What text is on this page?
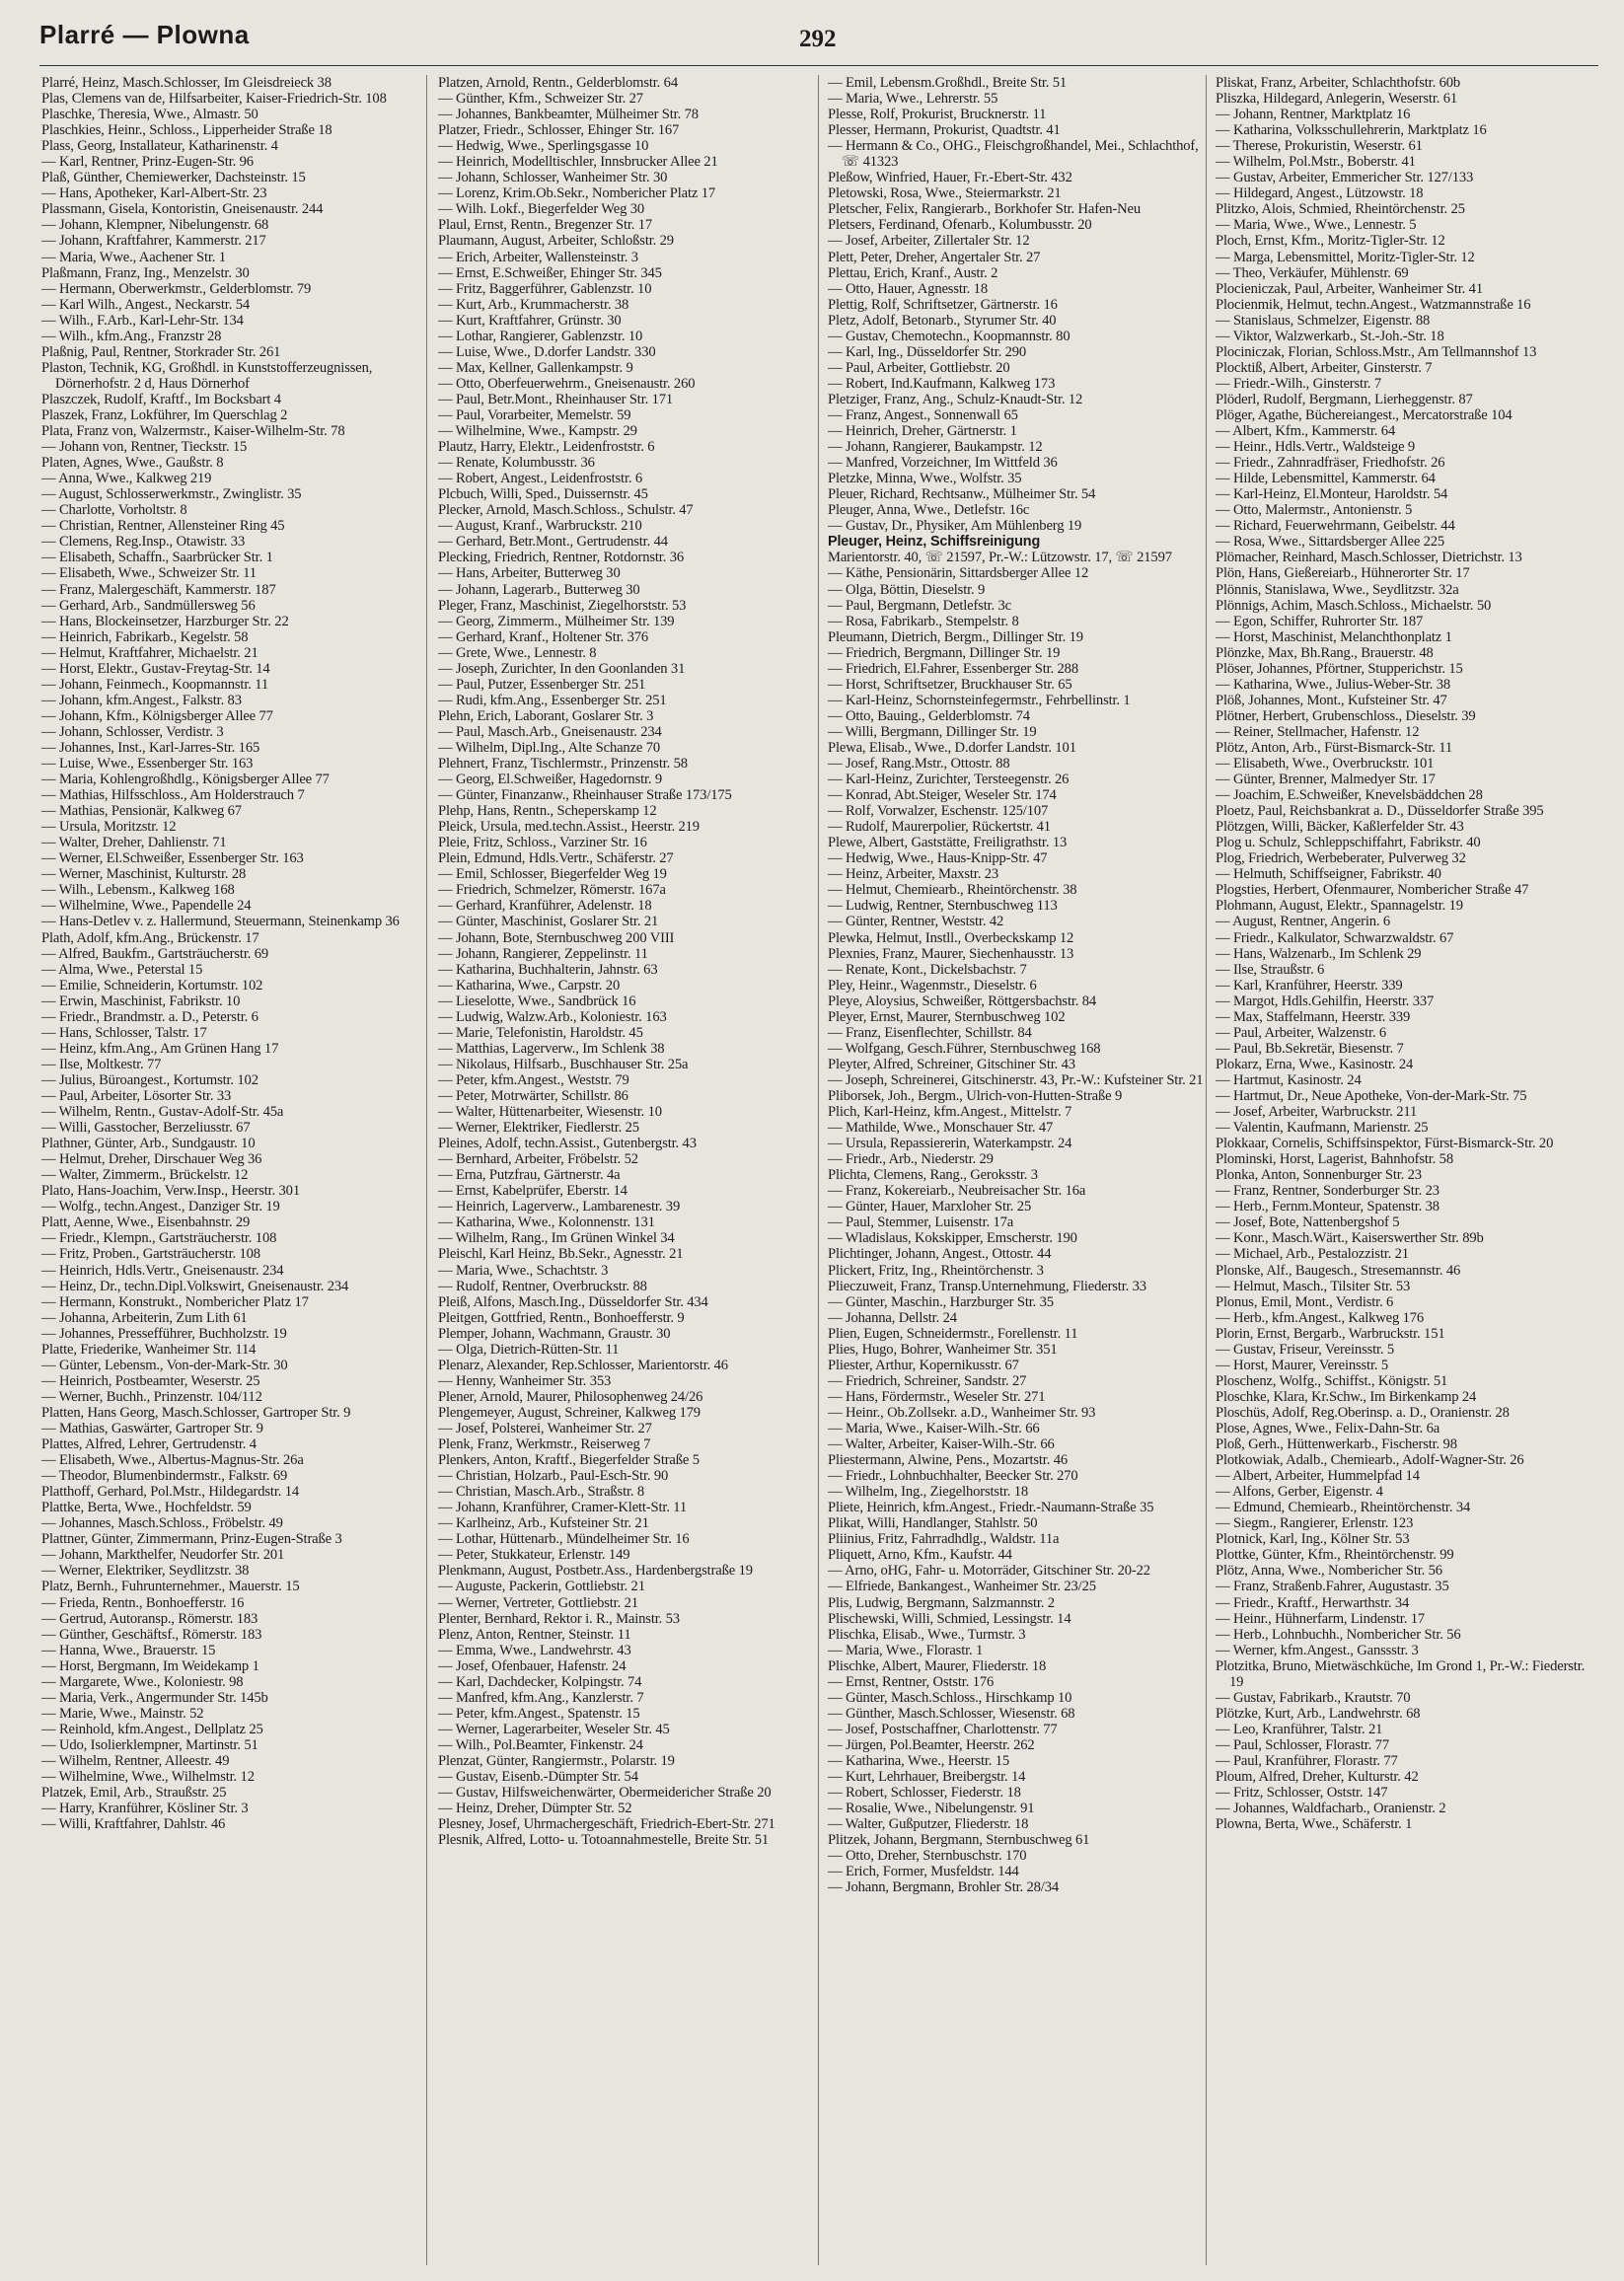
Plarré — Plowna	292
Plarré, Heinz, Masch.Schlosser, Im Gleisdreieck 38
Plas, Clemens van de, Hilfsarbeiter, Kaiser-Friedrich-Str. 108
Plaschke, Theresia, Wwe., Almastr. 50
Plaschkies, Heinr., Schloss., Lipperheider Straße 18
Plass, Georg, Installateur, Katharinenstr. 4
— Karl, Rentner, Prinz-Eugen-Str. 96
Plaß, Günther, Chemiewerker, Dachsteinstr. 15
— Hans, Apotheker, Karl-Albert-Str. 23
Plassmann, Gisela, Kontoristin, Gneisenaustr. 244
— Johann, Klempner, Nibelungenstr. 68
— Johann, Kraftfahrer, Kammerstr. 217
— Maria, Wwe., Aachener Str. 1
Plaßmann, Franz, Ing., Menzelstr. 30
— Hermann, Oberwerkmstr., Gelderblomstr. 79
— Karl Wilh., Angest., Neckarstr. 54
— Wilh., F.Arb., Karl-Lehr-Str. 134
— Wilh., kfm.Ang., Franzstr 28
Plaßnig, Paul, Rentner, Storkrader Str. 261
Plaston, Technik, KG, Großhdl. in Kunststofferzeugnissen, Dörnerhofstr. 2 d, Haus Dörnerhof
Plaszczek, Rudolf, Kraftf., Im Bocksbart 4
Plaszek, Franz, Lokführer, Im Querschlag 2
Plata, Franz von, Walzermstr., Kaiser-Wilhelm-Str. 78
— Johann von, Rentner, Tieckstr. 15
Platen, Agnes, Wwe., Gaußstr. 8
— Anna, Wwe., Kalkweg 219
— August, Schlosserwerkmstr., Zwinglistr. 35
— Charlotte, Vorholtstr. 8
— Christian, Rentner, Allensteiner Ring 45
— Clemens, Reg.Insp., Otawistr. 33
— Elisabeth, Schaffn., Saarbrücker Str. 1
— Elisabeth, Wwe., Schweizer Str. 11
— Franz, Malergeschäft, Kammerstr. 187
— Gerhard, Arb., Sandmüllersweg 56
— Hans, Blockeinsetzer, Harzburger Str. 22
— Heinrich, Fabrikarb., Kegelstr. 58
— Helmut, Kraftfahrer, Michaelstr. 21
— Horst, Elektr., Gustav-Freytag-Str. 14
— Johann, Feinmech., Koopmannstr. 11
— Johann, kfm.Angest., Falkstr. 83
— Johann, Kfm., Kölnigsberger Allee 77
— Johann, Schlosser, Verdistr. 3
— Johannes, Inst., Karl-Jarres-Str. 165
— Luise, Wwe., Essenberger Str. 163
— Maria, Kohlengroßhdlg., Königsberger Allee 77
— Mathias, Hilfsschloss., Am Holderstrauch 7
— Mathias, Pensionär, Kalkweg 67
— Ursula, Moritzstr. 12
— Walter, Dreher, Dahlienstr. 71
— Werner, El.Schweißer, Essenberger Str. 163
— Werner, Maschinist, Kulturstr. 28
— Wilh., Lebensm., Kalkweg 168
— Wilhelmine, Wwe., Papendelle 24
— Hans-Detlev v. z. Hallermund, Steuermann, Steinenkamp 36
Plath, Adolf, kfm.Ang., Brückenstr. 17
— Alfred, Baukfm., Gartsträucherstr. 69
— Alma, Wwe., Peterstal 15
— Emilie, Schneiderin, Kortumstr. 102
— Erwin, Maschinist, Fabrikstr. 10
— Friedr., Brandmstr. a. D., Peterstr. 6
— Hans, Schlosser, Talstr. 17
— Heinz, kfm.Ang., Am Grünen Hang 17
— Ilse, Moltkestr. 77
— Julius, Büroangest., Kortumstr. 102
— Paul, Arbeiter, Lösorter Str. 33
— Wilhelm, Rentn., Gustav-Adolf-Str. 45a
— Willi, Gasstocher, Berzeliusstr. 67
Plathner, Günter, Arb., Sundgaustr. 10
— Helmut, Dreher, Dirschauer Weg 36
— Walter, Zimmerm., Brückelstr. 12
Plato, Hans-Joachim, Verw.Insp., Heerstr. 301
— Wolfg., techn.Angest., Danziger Str. 19
Platt, Aenne, Wwe., Eisenbahnstr. 29
— Friedr., Klempn., Gartsträucherstr. 108
— Fritz, Proben., Gartsträucherstr. 108
— Heinrich, Hdls.Vertr., Gneisenaustr. 234
— Heinz, Dr., techn.Dipl.Volkswirt, Gneisenaustr. 234
— Hermann, Konstrukt., Nombericher Platz 17
— Johanna, Arbeiterin, Zum Lith 61
— Johannes, Pressefführer, Buchholzstr. 19
Platte, Friederike, Wanheimer Str. 114
— Günter, Lebensm., Von-der-Mark-Str. 30
— Heinrich, Postbeamter, Weserstr. 25
— Werner, Buchh., Prinzenstr. 104/112
Platten, Hans Georg, Masch.Schlosser, Gartroper Str. 9
— Mathias, Gaswärter, Gartroper Str. 9
Plattes, Alfred, Lehrer, Gertrudenstr. 4
— Elisabeth, Wwe., Albertus-Magnus-Str. 26a
— Theodor, Blumenbindermstr., Falkstr. 69
Platthoff, Gerhard, Pol.Mstr., Hildegardstr. 14
Plattke, Berta, Wwe., Hochfeldstr. 59
— Johannes, Masch.Schloss., Fröbelstr. 49
Plattner, Günter, Zimmermann, Prinz-Eugen-Straße 3
— Johann, Markthelfer, Neudorfer Str. 201
— Werner, Elektriker, Seydlitzstr. 38
Platz, Bernh., Fuhrunternehmer., Mauerstr. 15
— Frieda, Rentn., Bonhoefferstr. 16
— Gertrud, Autoransp., Römerstr. 183
— Günther, Geschäftsf., Römerstr. 183
— Hanna, Wwe., Brauerstr. 15
— Horst, Bergmann, Im Weidekamp 1
— Margarete, Wwe., Koloniestr. 98
— Maria, Verk., Angermunder Str. 145b
— Marie, Wwe., Mainstr. 52
— Reinhold, kfm.Angest., Dellplatz 25
— Udo, Isolierklempner, Martinstr. 51
— Wilhelm, Rentner, Alleestr. 49
— Wilhelmine, Wwe., Wilhelmstr. 12
Platzek, Emil, Arb., Straußstr. 25
— Harry, Kranführer, Kösliner Str. 3
— Willi, Kraftfahrer, Dahlstr. 46
Platzen, Arnold, Rentn., Gelderblomstr. 64
— Günther, Kfm., Schweizer Str. 27
— Johannes, Bankbeamter, Mülheimer Str. 78
Platzer, Friedr., Schlosser, Ehinger Str. 167
— Hedwig, Wwe., Sperlingsgasse 10
— Heinrich, Modelltischler, Innsbrucker Allee 21
— Johann, Schlosser, Wanheimer Str. 30
— Lorenz, Krim.Ob.Sekr., Nombericher Platz 17
— Wilh. Lokf., Biegerfelder Weg 30
Plaul, Ernst, Rentn., Bregenzer Str. 17
Plaumann, August, Arbeiter, Schloßstr. 29
— Erich, Arbeiter, Wallensteinstr. 3
— Ernst, E.Schweißer, Ehinger Str. 345
— Fritz, Baggerführer, Gablenzstr. 10
— Kurt, Arb., Krummacherstr. 38
— Kurt, Kraftfahrer, Grünstr. 30
— Lothar, Rangierer, Gablenzstr. 10
— Luise, Wwe., D.dorfer Landstr. 330
— Max, Kellner, Gallenkampstr. 9
— Otto, Oberfeuerwehrm., Gneisenaustr. 260
— Paul, Betr.Mont., Rheinhauser Str. 171
— Paul, Vorarbeiter, Memelstr. 59
— Wilhelmine, Wwe., Kampstr. 29
Plautz, Harry, Elektr., Leidenfroststr. 6
— Renate, Kolumbusstr. 36
— Robert, Angest., Leidenfroststr. 6
Plcbuch, Willi, Sped., Duissernstr. 45
Plecker, Arnold, Masch.Schloss., Schulstr. 47
— August, Kranf., Warbruckstr. 210
— Gerhard, Betr.Mont., Gertrudenstr. 44
Plecking, Friedrich, Rentner, Rotdornstr. 36
— Hans, Arbeiter, Butterweg 30
— Johann, Lagerarb., Butterweg 30
Pleger, Franz, Maschinist, Ziegelhorststr. 53
— Georg, Zimmerm., Mülheimer Str. 139
— Gerhard, Kranf., Holtener Str. 376
— Grete, Wwe., Lennestr. 8
— Joseph, Zurichter, In den Goonlanden 31
— Paul, Putzer, Essenberger Str. 251
— Rudi, kfm.Ang., Essenberger Str. 251
Plehn, Erich, Laborant, Goslarer Str. 3
— Paul, Masch.Arb., Gneisenaustr. 234
— Wilhelm, Dipl.Ing., Alte Schanze 70
Plehnert, Franz, Tischlermstr., Prinzenstr. 58
— Georg, El.Schweißer, Hagedornstr. 9
— Günter, Finanzanw., Rheinhauser Straße 173/175
Plehp, Hans, Rentn., Scheperskamp 12
Pleick, Ursula, med.techn.Assist., Heerstr. 219
Pleie, Fritz, Schloss., Varziner Str. 16
Plein, Edmund, Hdls.Vertr., Schäferstr. 27
— Emil, Schlosser, Biegerfelder Weg 19
— Friedrich, Schmelzer, Römerstr. 167a
— Gerhard, Kranführer, Adelenstr. 18
— Günter, Maschinist, Goslarer Str. 21
— Johann, Bote, Sternbuschweg 200 VIII
— Johann, Rangierer, Zeppelinstr. 11
— Katharina, Buchhalterin, Jahnstr. 63
— Katharina, Wwe., Carpstr. 20
— Lieselotte, Wwe., Sandbrück 16
— Ludwig, Walzw.Arb., Koloniestr. 163
— Marie, Telefonistin, Haroldstr. 45
— Matthias, Lagerverw., Im Schlenk 38
— Nikolaus, Hilfsarb., Buschhauser Str. 25a
— Peter, kfm.Angest., Weststr. 79
— Peter, Motrwärter, Schillstr. 86
— Walter, Hüttenarbeiter, Wiesenstr. 10
— Werner, Elektriker, Fiedlerstr. 25
Pleines, Adolf, techn.Assist., Gutenbergstr. 43
— Bernhard, Arbeiter, Fröbelstr. 52
— Erna, Putzfrau, Gärtnerstr. 4a
— Ernst, Kabelprüfer, Eberstr. 14
— Heinrich, Lagerverw., Lambarenestr. 39
— Katharina, Wwe., Kolonnenstr. 131
— Wilhelm, Rang., Im Grünen Winkel 34
Pleischl, Karl Heinz, Bb.Sekr., Agnesstr. 21
— Maria, Wwe., Schachtstr. 3
— Rudolf, Rentner, Overbruckstr. 88
Pleiß, Alfons, Masch.Ing., Düsseldorfer Str. 434
Pleitgen, Gottfried, Rentn., Bonhoefferstr. 9
Plemper, Johann, Wachmann, Graustr. 30
— Olga, Dietrich-Rütten-Str. 11
Plenarz, Alexander, Rep.Schlosser, Marientorstr. 46
— Henny, Wanheimer Str. 353
Plener, Arnold, Maurer, Philosophenweg 24/26
Plengemeyer, August, Schreiner, Kalkweg 179
— Josef, Polsterei, Wanheimer Str. 27
Plenk, Franz, Werkmstr., Reiserweg 7
Plenkers, Anton, Kraftf., Biegerfelder Straße 5
— Christian, Holzarb., Paul-Esch-Str. 90
— Christian, Masch.Arb., Straßstr. 8
— Johann, Kranführer, Cramer-Klett-Str. 11
— Karlheinz, Arb., Kufsteiner Str. 21
— Lothar, Hüttenarb., Mündelheimer Str. 16
— Peter, Stukkateur, Erlenstr. 149
Plenkmann, August, Postbetr.Ass., Hardenbergstraße 19
— Auguste, Packerin, Gottliebstr. 21
— Werner, Vertreter, Gottliebstr. 21
Plenter, Bernhard, Rektor i. R., Mainstr. 53
Plenz, Anton, Rentner, Steinstr. 11
— Emma, Wwe., Landwehrstr. 43
— Josef, Ofenbauer, Hafenstr. 24
— Karl, Dachdecker, Kolpingstr. 74
— Manfred, kfm.Ang., Kanzlerstr. 7
— Peter, kfm.Angest., Spatenstr. 15
— Werner, Lagerarbeiter, Weseler Str. 45
— Wilh., Pol.Beamter, Finkenstr. 24
Plenzat, Günter, Rangiermstr., Polarstr. 19
— Gustav, Eisenb.-Dümpter Str. 54
— Gustav, Hilfsweichenwärter, Obermeidericher Straße 20
— Heinz, Dreher, Dümpter Str. 52
Plesney, Josef, Uhrmachergeschäft, Friedrich-Ebert-Str. 271
Plesnik, Alfred, Lotto- u. Totoannahmestelle, Breite Str. 51
— Emil, Lebensm.Großhdl., Breite Str. 51
— Maria, Wwe., Lehrerstr. 55
Plesse, Rolf, Prokurist, Brucknerstr. 11
Plesser, Hermann, Prokurist, Quadtstr. 41
— Hermann & Co., OHG., Fleischgroßhandel, Mei., Schlachthof, ☏ 41323
Pleßow, Winfried, Hauer, Fr.-Ebert-Str. 432
Pletowski, Rosa, Wwe., Steiermarkstr. 21
Pletscher, Felix, Rangierarb., Borkhofer Str. Hafen-Neu
Pletsers, Ferdinand, Ofenarb., Kolumbusstr. 20
— Josef, Arbeiter, Zillertaler Str. 12
Plett, Peter, Dreher, Angertaler Str. 27
Plettau, Erich, Kranf., Austr. 2
— Otto, Hauer, Agnesstr. 18
Plettig, Rolf, Schriftsetzer, Gärtnerstr. 16
Pletz, Adolf, Betonarb., Styrumer Str. 40
— Gustav, Chemotechn., Koopmannstr. 80
— Karl, Ing., Düsseldorfer Str. 290
— Paul, Arbeiter, Gottliebstr. 20
— Robert, Ind.Kaufmann, Kalkweg 173
Pletziger, Franz, Ang., Schulz-Knaudt-Str. 12
— Franz, Angest., Sonnenwall 65
— Heinrich, Dreher, Gärtnerstr. 1
— Johann, Rangierer, Baukampstr. 12
— Manfred, Vorzeichner, Im Wittfeld 36
Pletzke, Minna, Wwe., Wolfstr. 35
Pleuer, Richard, Rechtsanw., Mülheimer Str. 54
Pleuger, Anna, Wwe., Detlefstr. 16c
— Gustav, Dr., Physiker, Am Mühlenberg 19
Pleuger, Heinz, Schiffsreinigung
Marientorstr. 40, ☏ 21597, Pr.-W.: Lützowstr. 17, ☏ 21597
— Käthe, Pensionärin, Sittardsberger Allee 12
— Olga, Böttin, Dieselstr. 9
— Paul, Bergmann, Detlefstr. 3c
— Rosa, Fabrikarb., Stempelstr. 8
Pleumann, Dietrich, Bergm., Dillinger Str. 19
— Friedrich, Bergmann, Dillinger Str. 19
— Friedrich, El.Fahrer, Essenberger Str. 288
— Horst, Schriftsetzer, Bruckhauser Str. 65
— Karl-Heinz, Schornsteinfegermstr., Fehrbellinstr. 1
— Otto, Bauing., Gelderblomstr. 74
— Willi, Bergmann, Dillinger Str. 19
Plewa, Elisab., Wwe., D.dorfer Landstr. 101
— Josef, Rang.Mstr., Ottostr. 88
— Karl-Heinz, Zurichter, Tersteegenstr. 26
— Konrad, Abt.Steiger, Weseler Str. 174
— Rolf, Vorwalzer, Eschenstr. 125/107
— Rudolf, Maurerpolier, Rückertstr. 41
Plewe, Albert, Gaststätte, Freiligrathstr. 13
— Hedwig, Wwe., Haus-Knipp-Str. 47
— Heinz, Arbeiter, Maxstr. 23
— Helmut, Chemiearb., Rheintörchenstr. 38
— Ludwig, Rentner, Sternbuschweg 113
— Günter, Rentner, Weststr. 42
Plewka, Helmut, Instll., Overbeckskamp 12
Plexnies, Franz, Maurer, Siechenhausstr. 13
— Renate, Kont., Dickelsbachstr. 7
Pley, Heinr., Wagenmstr., Dieselstr. 6
Pleye, Aloysius, Schweißer, Röttgersbachstr. 84
Pleyer, Ernst, Maurer, Sternbuschweg 102
— Franz, Eisenflechter, Schillstr. 84
— Wolfgang, Gesch.Führer, Sternbuschweg 168
Pleyter, Alfred, Schreiner, Gitschiner Str. 43
— Joseph, Schreinerei, Gitschinerstr. 43, Pr.-W.: Kufsteiner Str. 21
Pliborsek, Joh., Bergm., Ulrich-von-Hutten-Straße 9
Plich, Karl-Heinz, kfm.Angest., Mittelstr. 7
— Mathilde, Wwe., Monschauer Str. 47
— Ursula, Repassiererin, Waterkampstr. 24
— Friedr., Arb., Niederstr. 29
Plichta, Clemens, Rang., Geroksstr. 3
— Franz, Kokereiarb., Neubreisacher Str. 16a
— Günter, Hauer, Marxloher Str. 25
— Paul, Stemmer, Luisenstr. 17a
— Wladislaus, Kokskipper, Emscherstr. 190
Plichtinger, Johann, Angest., Ottostr. 44
Plickert, Fritz, Ing., Rheintörchenstr. 3
Plieczuweit, Franz, Transp.Unternehmung, Fliederstr. 33
— Günter, Maschin., Harzburger Str. 35
— Johanna, Dellstr. 24
Plien, Eugen, Schneidermstr., Forellenstr. 11
Plies, Hugo, Bohrer, Wanheimer Str. 351
Pliester, Arthur, Kopernikusstr. 67
— Friedrich, Schreiner, Sandstr. 27
— Hans, Fördermstr., Weseler Str. 271
— Heinr., Ob.Zollsekr. a.D., Wanheimer Str. 93
— Maria, Wwe., Kaiser-Wilh.-Str. 66
— Walter, Arbeiter, Kaiser-Wilh.-Str. 66
Pliestermann, Alwine, Pens., Mozartstr. 46
— Friedr., Lohnbuchhalter, Beecker Str. 270
— Wilhelm, Ing., Ziegelhorststr. 18
Pliete, Heinrich, kfm.Angest., Friedr.-Naumann-Straße 35
Plikat, Willi, Handlanger, Stahlstr. 50
Pliinius, Fritz, Fahrradhdlg., Waldstr. 11a
Pliquett, Arno, Kfm., Kaufstr. 44
— Arno, oHG, Fahr- u. Motorräder, Gitschiner Str. 20-22
— Elfriede, Bankangest., Wanheimer Str. 23/25
Plis, Ludwig, Bergmann, Salzmannstr. 2
Plischewski, Willi, Schmied, Lessingstr. 14
Plischka, Elisab., Wwe., Turmstr. 3
— Maria, Wwe., Florastr. 1
Plischke, Albert, Maurer, Fliederstr. 18
— Ernst, Rentner, Oststr. 176
— Günter, Masch.Schloss., Hirschkamp 10
— Günther, Masch.Schlosser, Wiesenstr. 68
— Josef, Postschaffner, Charlottenstr. 77
— Jürgen, Pol.Beamter, Heerstr. 262
— Katharina, Wwe., Heerstr. 15
— Kurt, Lehrhauer, Breibergstr. 14
— Robert, Schlosser, Fiederstr. 18
— Rosalie, Wwe., Nibelungenstr. 91
— Walter, Gußputzer, Fliederstr. 18
Plitzek, Johann, Bergmann, Sternbuschweg 61
— Otto, Dreher, Sternbuschstr. 170
— Erich, Former, Musfeldstr. 144
— Johann, Bergmann, Brohler Str. 28/34
Pliskat, Franz, Arbeiter, Schlachthofstr. 60b
Pliszka, Hildegard, Anlegerin, Weserstr. 61
— Johann, Rentner, Marktplatz 16
— Katharina, Volksschullehrerin, Marktplatz 16
— Therese, Prokuristin, Weserstr. 61
— Wilhelm, Pol.Mstr., Boberstr. 41
— Gustav, Arbeiter, Emmericher Str. 127/133
— Hildegard, Angest., Lützowstr. 18
Plitzko, Alois, Schmied, Rheintörchenstr. 25
— Maria, Wwe., Wwe., Lennestr. 5
Ploch, Ernst, Kfm., Moritz-Tigler-Str. 12
— Marga, Lebensmittel, Moritz-Tigler-Str. 12
— Theo, Verkäufer, Mühlenstr. 69
Plocieniczak, Paul, Arbeiter, Wanheimer Str. 41
Plocienmik, Helmut, techn.Angest., Watzmannstraße 16
— Stanislaus, Schmelzer, Eigenstr. 88
— Viktor, Walzwerkarb., St.-Joh.-Str. 18
Plociniczak, Florian, Schloss.Mstr., Am Tellmannshof 13
Plocktiß, Albert, Arbeiter, Ginsterstr. 7
— Friedr.-Wilh., Ginsterstr. 7
Plöderl, Rudolf, Bergmann, Lierheggenstr. 87
Plöger, Agathe, Büchereiangest., Mercatorstraße 104
— Albert, Kfm., Kammerstr. 64
— Heinr., Hdls.Vertr., Waldsteige 9
— Friedr., Zahnradfräser, Friedhofstr. 26
— Hilde, Lebensmittel, Kammerstr. 64
— Karl-Heinz, El.Monteur, Haroldstr. 54
— Otto, Malermstr., Antonienstr. 5
— Richard, Feuerwehrmann, Geibelstr. 44
— Rosa, Wwe., Sittardsberger Allee 225
Plömacher, Reinhard, Masch.Schlosser, Dietrichstr. 13
Plön, Hans, Gießereiarb., Hühnerorter Str. 17
Plönnis, Stanislawa, Wwe., Seydlitzstr. 32a
Plönnigs, Achim, Masch.Schloss., Michaelstr. 50
— Egon, Schiffer, Ruhrorter Str. 187
— Horst, Maschinist, Melanchthonplatz 1
Plönzke, Max, Bh.Rang., Brauerstr. 48
Plöser, Johannes, Pförtner, Stupperichstr. 15
— Katharina, Wwe., Julius-Weber-Str. 38
Plöß, Johannes, Mont., Kufsteiner Str. 47
Plötner, Herbert, Grubenschloss., Dieselstr. 39
— Reiner, Stellmacher, Hafenstr. 12
Plötz, Anton, Arb., Fürst-Bismarck-Str. 11
— Elisabeth, Wwe., Overbruckstr. 101
— Günter, Brenner, Malmedyer Str. 17
— Joachim, E.Schweißer, Knevelsbäddchen 28
Ploetz, Paul, Reichsbankrat a. D., Düsseldorfer Straße 395
Plötzgen, Willi, Bäcker, Kaßlerfelder Str. 43
Plog u. Schulz, Schleppschiffahrt, Fabrikstr. 40
Plog, Friedrich, Werbeberater, Pulverweg 32
— Helmuth, Schiffseigner, Fabrikstr. 40
Plogsties, Herbert, Ofenmaurer, Nombericher Straße 47
Plohmann, August, Elektr., Spannagelstr. 19
— August, Rentner, Angerin. 6
— Friedr., Kalkulator, Schwarzwaldstr. 67
— Hans, Walzenarb., Im Schlenk 29
— Ilse, Straußstr. 6
— Karl, Kranführer, Heerstr. 339
— Margot, Hdls.Gehilfin, Heerstr. 337
— Max, Staffelmann, Heerstr. 339
— Paul, Arbeiter, Walzenstr. 6
— Paul, Bb.Sekretär, Biesenstr. 7
Plokarz, Erna, Wwe., Kasinostr. 24
— Hartmut, Kasinostr. 24
— Hartmut, Dr., Neue Apotheke, Von-der-Mark-Str. 75
— Josef, Arbeiter, Warbruckstr. 211
— Valentin, Kaufmann, Marienstr. 25
Plokkaar, Cornelis, Schiffsinspektor, Fürst-Bismarck-Str. 20
Plominski, Horst, Lagerist, Bahnhofstr. 58
Plonka, Anton, Sonnenburger Str. 23
— Franz, Rentner, Sonderburger Str. 23
— Herb., Fernm.Monteur, Spatenstr. 38
— Josef, Bote, Nattenbergshof 5
— Konr., Masch.Wärt., Kaiserswerther Str. 89b
— Michael, Arb., Pestalozzistr. 21
Plonske, Alf., Baugesch., Stresemannstr. 46
— Helmut, Masch., Tilsiter Str. 53
Plonus, Emil, Mont., Verdistr. 6
— Herb., kfm.Angest., Kalkweg 176
Plorin, Ernst, Bergarb., Warbruckstr. 151
— Gustav, Friseur, Vereinsstr. 5
— Horst, Maurer, Vereinsstr. 5
Ploschenz, Wolfg., Schiffst., Königstr. 51
Ploschke, Klara, Kr.Schw., Im Birkenkamp 24
Ploschüs, Adolf, Reg.Oberinsp. a. D., Oranienstr. 28
Plose, Agnes, Wwe., Felix-Dahn-Str. 6a
Ploß, Gerh., Hüttenwerkarb., Fischerstr. 98
Plotkowiak, Adalb., Chemiearb., Adolf-Wagner-Str. 26
— Albert, Arbeiter, Hummelpfad 14
— Alfons, Gerber, Eigenstr. 4
— Edmund, Chemiearb., Rheintörchenstr. 34
— Siegm., Rangierer, Erlenstr. 123
Plotnick, Karl, Ing., Kölner Str. 53
Plottke, Günter, Kfm., Rheintörchenstr. 99
Plötz, Anna, Wwe., Nombericher Str. 56
— Franz, Straßenb.Fahrer, Augustastr. 35
— Friedr., Kraftf., Herwarthstr. 34
— Heinr., Hühnerfarm, Lindenstr. 17
— Herb., Lohnbuchh., Nombericher Str. 56
— Werner, kfm.Angest., Ganssstr. 3
Plotzitka, Bruno, Mietwäschküche, Im Grond 1, Pr.-W.: Fiederstr. 19
— Gustav, Fabrikarb., Krautstr. 70
Plötzke, Kurt, Arb., Landwehrstr. 68
— Leo, Kranführer, Talstr. 21
— Paul, Schlosser, Florastr. 77
— Paul, Kranführer, Florastr. 77
Ploum, Alfred, Dreher, Kulturstr. 42
— Fritz, Schlosser, Oststr. 147
— Johannes, Waldfacharb., Oranienstr. 2
Plowna, Berta, Wwe., Schäferstr. 1
